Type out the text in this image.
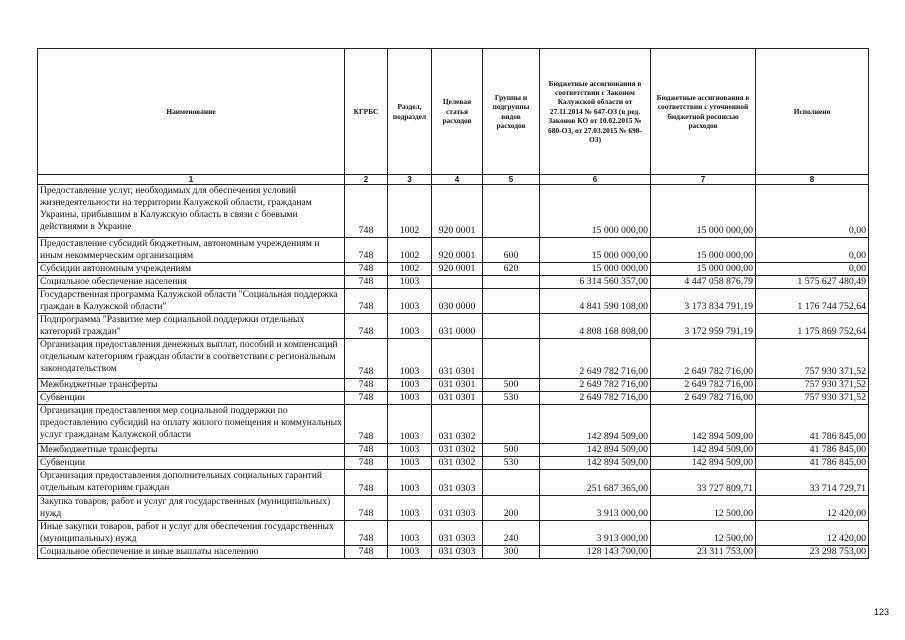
Наименование	КГРБС	Раздел, подраздел	Целевая статья расходов	Группы и подгруппы видов расходов	Бюджетные ассигнования в соответствии с Законом Калужской области от 27.11.2014 № 647-ОЗ (в ред. Законов КО от 10.02.2015 № 680-ОЗ, от 27.03.2015 № 698-ОЗ)	Бюджетные ассигнования в соответствии с уточненной бюджетной росписью расходов	Исполнено
1	2	3	4	5	6	7	8
Предоставление услуг, необходимых для обеспечения условий жизнедеятельности на территории Калужской области, гражданам Украины, прибывшим в Калужскую область в связи с боевыми действиями в Украине	748	1002	920 0001		15 000 000,00	15 000 000,00	0,00
Предоставление субсидий бюджетным, автономным учреждениям и иным некоммерческим организациям	748	1002	920 0001	600	15 000 000,00	15 000 000,00	0,00
Субсидии автономным учреждениям	748	1002	920 0001	620	15 000 000,00	15 000 000,00	0,00
Социальное обеспечение населения	748	1003			6 314 560 357,00	4 447 058 876,79	1 575 627 480,49
Государственная программа Калужской области "Социальная поддержка граждан в Калужской области"	748	1003	030 0000		4 841 590 108,00	3 173 834 791,19	1 176 744 752,64
Подпрограмма "Развитие мер социальной поддержки отдельных категорий граждан"	748	1003	031 0000		4 808 168 808,00	3 172 959 791,19	1 175 869 752,64
Организация предоставления денежных выплат, пособий и компенсаций отдельным категориям граждан области в соответствии с региональным законодательством	748	1003	031 0301		2 649 782 716,00	2 649 782 716,00	757 930 371,52
Межбюджетные трансферты	748	1003	031 0301	500	2 649 782 716,00	2 649 782 716,00	757 930 371,52
Субвенции	748	1003	031 0301	530	2 649 782 716,00	2 649 782 716,00	757 930 371,52
Организация предоставления мер социальной поддержки по предоставлению субсидий на оплату жилого помещения и коммунальных услуг гражданам Калужской области	748	1003	031 0302		142 894 509,00	142 894 509,00	41 786 845,00
Межбюджетные трансферты	748	1003	031 0302	500	142 894 509,00	142 894 509,00	41 786 845,00
Субвенции	748	1003	031 0302	530	142 894 509,00	142 894 509,00	41 786 845,00
Организация предоставления дополнительных социальных гарантий отдельным категориям граждан	748	1003	031 0303		251 687 365,00	33 727 809,71	33 714 729,71
Закупка товаров, работ и услуг для государственных (муниципальных) нужд	748	1003	031 0303	200	3 913 000,00	12 500,00	12 420,00
Иные закупки товаров, работ и услуг для обеспечения государственных (муниципальных) нужд	748	1003	031 0303	240	3 913 000,00	12 500,00	12 420,00
Социальное обеспечение и иные выплаты населению	748	1003	031 0303	300	128 143 700,00	23 311 753,00	23 298 753,00
123
